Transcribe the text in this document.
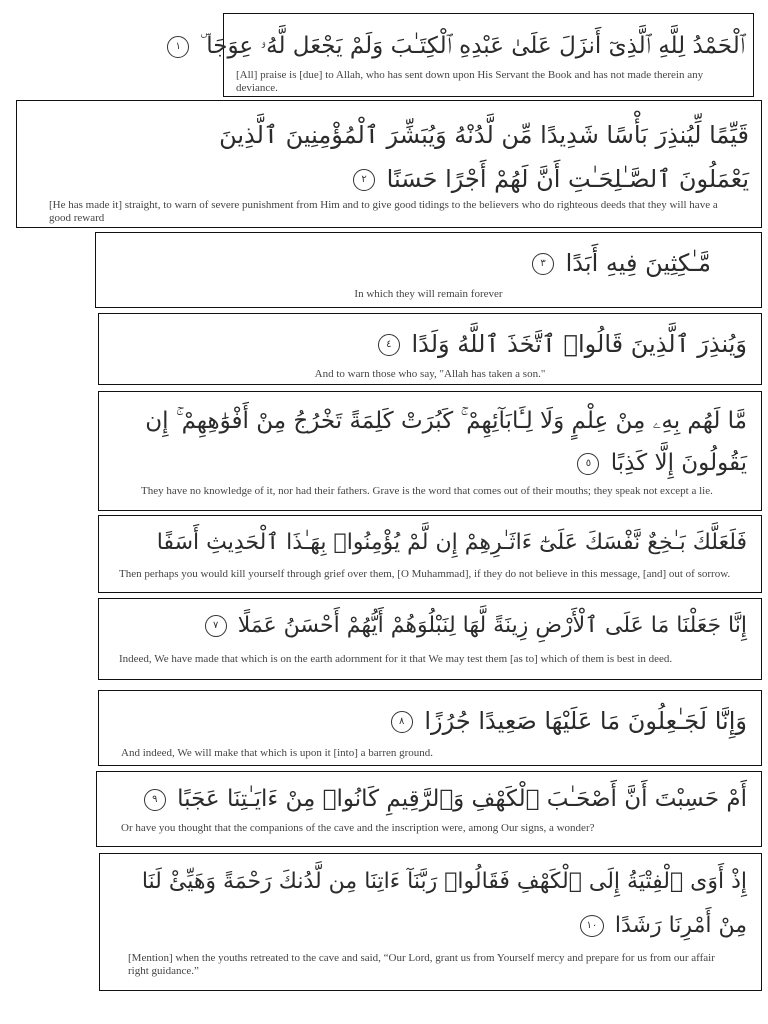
ٱلْحَمْدُ لِلَّهِ ٱلَّذِىٓ أَنزَلَ عَلَىٰ عَبْدِهِ ٱلْكِتَـٰبَ وَلَمْ يَجْعَل لَّهُۥ عِوَجَا ۜ ١
[All] praise is [due] to Allah, who has sent down upon His Servant the Book and has not made therein any deviance.
قَيِّمًا لِّيُنذِرَ بَأْسًا شَدِيدًا مِّن لَّدُنْهُ وَيُبَشِّرَ ٱلْمُؤْمِنِينَ ٱلَّذِينَ يَعْمَلُونَ ٱلصَّـٰلِحَـٰتِ أَنَّ لَهُمْ أَجْرًا حَسَنًا ٢
[He has made it] straight, to warn of severe punishment from Him and to give good tidings to the believers who do righteous deeds that they will have a good reward
مَّـٰكِثِينَ فِيهِ أَبَدًا ٣
In which they will remain forever
وَيُنذِرَ ٱلَّذِينَ قَالُوا۟ ٱتَّخَذَ ٱللَّهُ وَلَدًا ٤
And to warn those who say, "Allah has taken a son."
مَّا لَهُم بِهِۦ مِنْ عِلْمٍ وَلَا لِـَٔابَآئِهِمْ ۚ كَبُرَتْ كَلِمَةً تَخْرُجُ مِنْ أَفْوَٰهِهِمْ ۚ إِن يَقُولُونَ إِلَّا كَذِبًا ٥
They have no knowledge of it, nor had their fathers. Grave is the word that comes out of their mouths; they speak not except a lie.
فَلَعَلَّكَ بَـٰخِعٌ نَّفْسَكَ عَلَىٰٓ ءَاثَـٰرِهِمْ إِن لَّمْ يُؤْمِنُوا۟ بِهَـٰذَا ٱلْحَدِيثِ أَسَفًا
Then perhaps you would kill yourself through grief over them, [O Muhammad], if they do not believe in this message, [and] out of sorrow.
إِنَّا جَعَلْنَا مَا عَلَى ٱلْأَرْضِ زِينَةً لَّهَا لِنَبْلُوَهُمْ أَيُّهُمْ أَحْسَنُ عَمَلًا ٧
Indeed, We have made that which is on the earth adornment for it that We may test them [as to] which of them is best in deed.
وَإِنَّا لَجَـٰعِلُونَ مَا عَلَيْهَا صَعِيدًا جُرُزًا ٨
And indeed, We will make that which is upon it [into] a barren ground.
أَمْ حَسِبْتَ أَنَّ أَصْحَـٰبَ ٱلْكَهْفِ وَٱلرَّقِيمِ كَانُوا۟ مِنْ ءَايَـٰتِنَا عَجَبًا ٩
Or have you thought that the companions of the cave and the inscription were, among Our signs, a wonder?
إِذْ أَوَى ٱلْفِتْيَةُ إِلَى ٱلْكَهْفِ فَقَالُوا۟ رَبَّنَآ ءَاتِنَا مِن لَّدُنكَ رَحْمَةً وَهَيِّئْ لَنَا مِنْ أَمْرِنَا رَشَدًا ١٠
[Mention] when the youths retreated to the cave and said, “Our Lord, grant us from Yourself mercy and prepare for us from our affair right guidance.”
